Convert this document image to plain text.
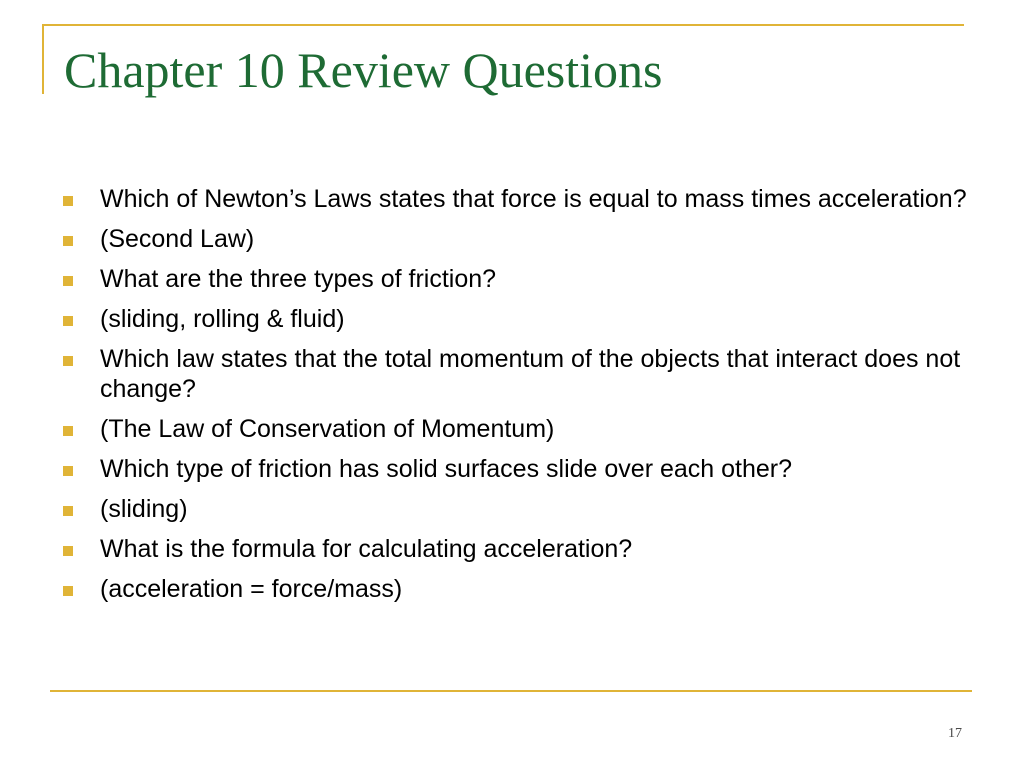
Chapter 10 Review Questions
Which of Newton’s Laws states that force is equal to mass times acceleration?
(Second Law)
What are the three types of friction?
(sliding, rolling & fluid)
Which law states that the total momentum of the objects that interact does not change?
(The Law of Conservation of Momentum)
Which type of friction has solid surfaces slide over each other?
(sliding)
What is the formula for calculating acceleration?
(acceleration = force/mass)
17
